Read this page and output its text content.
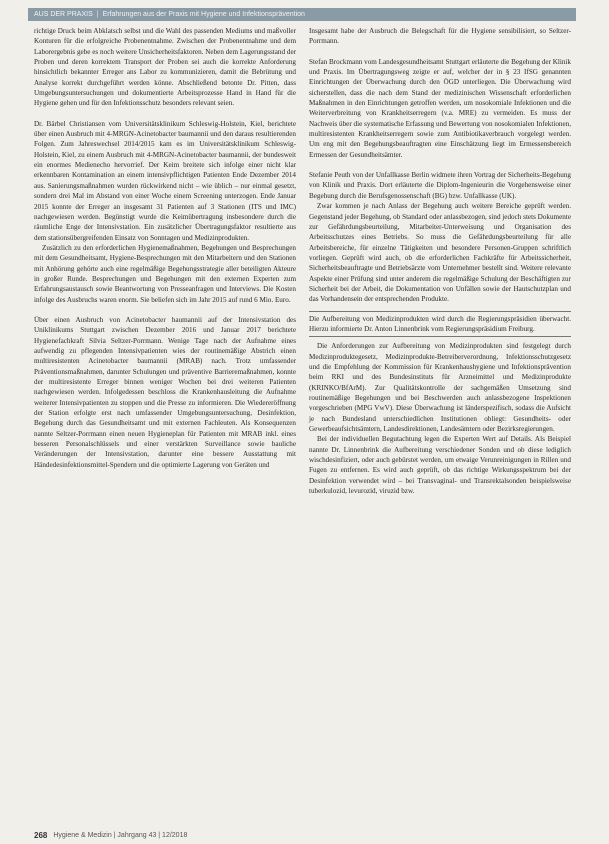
AUS DER PRAXIS | Erfahrungen aus der Praxis mit Hygiene und Infektionsprävention

richtige Druck beim Abklatsch selbst und die Wahl des passenden Mediums und maßvoller Konturen für die erfolgreiche Probenentnahme. Zwischen der Probenentnahme und dem Laborergebnis gebe es noch weitere Unsicherheitsfaktoren. Neben dem Lagerungsstand der Proben und deren korrektem Transport der Proben sei auch die korrekte Anforderung hinsichtlich bekannter Erreger ans Labor zu kommunizieren, damit die Bebrütung und Analyse korrekt durchgeführt werden könne. Abschließend betonte Dr. Pitten, dass Umgebungsuntersuchungen und dokumentierte Arbeitsprozesse Hand in Hand für die Hygiene gehen und für den Infektionsschutz besonders relevant seien.

Dr. Bärbel Christiansen vom Universitätsklinikum Schleswig-Holstein, Kiel, berichtete über einen Ausbruch mit 4-MRGN-Acinetobacter baumannii und den daraus resultierenden Folgen. Zum Jahreswechsel 2014/2015 kam es im Universitätsklinikum Schleswig-Holstein, Kiel, zu einem Ausbruch mit 4-MRGN-Acinetobacter baumannii, der bundesweit ein enormes Medienecho hervorrief. Der Keim breitete sich infolge einer nicht klar erkennbaren Kontamination an einem intensivpflichtigen Patienten Ende Dezember 2014 aus. Sanierungsmaßnahmen wurden rückwirkend nicht – wie üblich – nur einmal gesetzt, sondern drei Mal im Abstand von einer Woche einem Screening unterzogen. Ende Januar 2015 konnte der Erreger an insgesamt 31 Patienten auf 3 Stationen (ITS und IMC) nachgewiesen werden. Begünstigt wurde die Keimübertragung insbesondere durch die räumliche Enge der Intensivstation. Ein zusätzlicher Übertragungsfaktor resultierte aus dem stationsübergreifenden Einsatz von Sonntagen und Medizinprodukten.

Zusätzlich zu den erforderlichen Hygienemaßnahmen, Begehungen und Besprechungen mit dem Gesundheitsamt, Hygiene-Besprechungen mit den Mitarbeitern und den Stationen mit Anhörung gehörte auch eine regelmäßige Begehungsstrategie aller beteiligten Akteure in großer Runde. Besprechungen und Begehungen mit den externen Experten zum Erfahrungsaustausch sowie Beantwortung von Presseanfragen und Interviews. Die Kosten infolge des Ausbruchs waren enorm. Sie beliefen sich im Jahr 2015 auf rund 6 Mio. Euro.

Über einen Ausbruch von Acinetobacter baumannii auf der Intensivstation des Uniklinikums Stuttgart zwischen Dezember 2016 und Januar 2017 berichtete Hygienefachkraft Silvia Seltzer-Porrmann. Wenige Tage nach der Aufnahme eines aufwendig zu pflegenden Intensivpatienten wies der routinemäßige Abstrich einen multiresistenten Acinetobacter baumannii (MRAB) nach. Trotz umfassender Präventionsmaßnahmen, darunter Schulungen und präventive Barrieremaßnahmen, konnte der multiresistente Erreger binnen weniger Wochen bei drei weiteren Patienten nachgewiesen werden. Infolgedessen beschloss die Krankenhausleitung die Aufnahme weiterer Intensivpatienten zu stoppen und die Presse zu informieren. Die Wiedereröffnung der Station erfolgte erst nach umfassender Umgebungsuntersuchung, Desinfektion, Begehung durch das Gesundheitsamt und mit externen Fachleuten. Als Konsequenzen nannte Seltzer-Porrmann einen neuen Hygieneplan für Patienten mit MRAB inkl. eines besseren Personalschlüssels und einer verstärkten Surveillance sowie bauliche Veränderungen der Intensivstation, darunter eine bessere Ausstattung mit Händedesinfektionsmittel-Spendern und die optimierte Lagerung von Geräten und

Insgesamt habe der Ausbruch die Belegschaft für die Hygiene sensibilisiert, so Seltzer-Porrmann.

Stefan Brockmann vom Landesgesundheitsamt Stuttgart erläuterte die Begehung der Klinik und Praxis. Im Übertragungsweg zeigte er auf, welcher der in § 23 IfSG genannten Einrichtungen der Überwachung durch den ÖGD unterliegen. Die Überwachung wird sicherstellen, dass die nach dem Stand der medizinischen Wissenschaft erforderlichen Maßnahmen in den Einrichtungen getroffen werden, um nosokomiale Infektionen und die Weiterverbreitung von Krankheitserregern (v.a. MRE) zu vermeiden. Es muss der Nachweis über die systematische Erfassung und Bewertung von nosokomialen Infektionen, multiresistenten Krankheitserregern sowie zum Antibiotikaverbrauch vorgelegt werden. Um eng mit den Begehungsbeauftragten eine Einschätzung liegt im Ermessensbereich Ermessen der Gesundheitsämter.

Stefanie Peuth von der Unfallkasse Berlin widmete ihren Vortrag der Sicherheits-Begehung von Klinik und Praxis. Dort erläuterte die Diplom-Ingenieurin die Vorgehensweise einer Begehung durch die Berufsgenossenschaft (BG) bzw. Unfallkasse (UK).

Zwar kommen je nach Anlass der Begehung auch weitere Bereiche geprüft werden. Gegenstand jeder Begehung, ob Standard oder anlassbezogen, sind jedoch stets Dokumente zur Gefährdungsbeurteilung, Mitarbeiter-Unterweisung und Organisation des Arbeitsschutzes eines Betriebs. So muss die Gefährdungsbeurteilung für alle Arbeitsbereiche, für einzelne Tätigkeiten und besondere Personen-Gruppen schriftlich vorliegen. Geprüft wird auch, ob die erforderlichen Fachkräfte für Arbeitssicherheit, Sicherheitsbeauftragte und Betriebsärzte vom Unternehmer bestellt sind. Weitere relevante Aspekte einer Prüfung sind unter anderem die regelmäßige Schulung der Beschäftigten zur Sicherheit bei der Arbeit, die Dokumentation von Unfällen sowie der Hautschutzplan und das Vorhandensein der entsprechenden Produkte.

Die Aufbereitung von Medizinprodukten wird durch die Regierungspräsidien überwacht. Hierzu informierte Dr. Anton Linnenbrink vom Regierungspräsidium Freiburg.

Die Anforderungen zur Aufbereitung von Medizinprodukten sind festgelegt durch Medizinproduktegesetz, Medizinprodukte-Betreiberverordnung, Infektionsschutzgesetz und die Empfehlung der Kommission für Krankenhaushygiene und Infektionsprävention beim RKI und des Bundesinstituts für Arzneimittel und Medizinprodukte (KRINKO/BfArM). Zur Qualitätskontrolle der sachgemäßen Umsetzung sind routinemäßige Begehungen und bei Beschwerden auch anlassbezogene Inspektionen vorgeschrieben (MPG VwV). Diese Überwachung ist länderspezifisch, sodass die Aufsicht je nach Bundesland unterschiedlichen Institutionen obliegt: Gesundheits- oder Gewerbeaufsichtsämtern, Landesdirektionen, Landesämtern oder Bezirksregierungen.

Bei der individuellen Begutachtung legen die Experten Wert auf Details. Als Beispiel nannte Dr. Linnenbrink die Aufbereitung verschiedener Sonden und ob diese lediglich wischdesinfiziert, oder auch gebürstet werden, um etwaige Verunreinigungen in Rillen und Fugen zu entfernen. Es wird auch geprüft, ob das richtige Wirkungsspektrum bei der Desinfektion verwendet wird – bei Transvaginal- und Transrektalsonden beispielsweise tuberkulozid, levurozid, viruzid bzw.

268 Hygiene & Medizin | Jahrgang 43 | 12/2018
